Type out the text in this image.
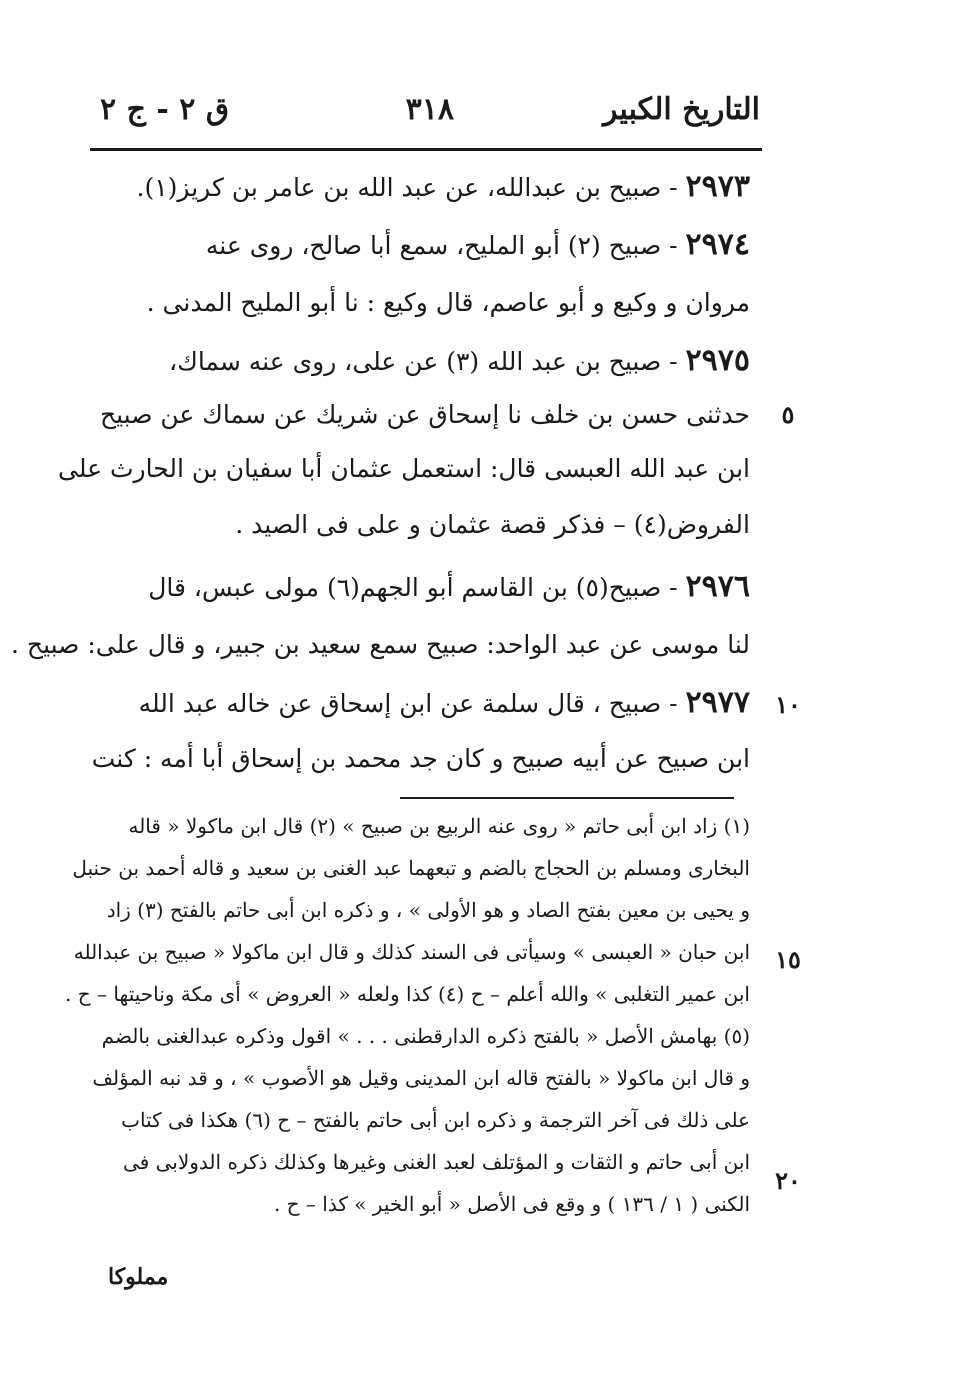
التاريخ الكبير
٣١٨
ق ٢ - ج ٢
٢٩٧٣ - صبيح بن عبدالله، عن عبد الله بن عامر بن كريز(١).
٢٩٧٤ - صبيح (٢) أبو المليح، سمع أبا صالح، روى عنه
مروان و وكيع و أبو عاصم، قال وكيع : نا أبو المليح المدنى .
٢٩٧٥ - صبيح بن عبد الله (٣) عن على، روى عنه سماك،
حدثنى حسن بن خلف نا إسحاق عن شريك عن سماك عن صبيح
ابن عبد الله العبسى قال: استعمل عثمان أبا سفيان بن الحارث على
الفروض(٤) – فذكر قصة عثمان و على فى الصيد .
٢٩٧٦ - صبيح(٥) بن القاسم أبو الجهم(٦) مولى عبس، قال
لنا موسى عن عبد الواحد: صبيح سمع سعيد بن جبير، و قال على: صبيح .
٢٩٧٧ - صبيح ، قال سلمة عن ابن إسحاق عن خاله عبد الله
ابن صبيح عن أبيه صبيح و كان جد محمد بن إسحاق أبا أمه : كنت
٥
١٠
(١) زاد ابن أبى حاتم « روى عنه الربيع بن صبيح » (٢) قال ابن ماكولا « قاله
البخارى ومسلم بن الحجاج بالضم و تبعهما عبد الغنى بن سعيد و قاله أحمد بن حنبل
و يحيى بن معين بفتح الصاد و هو الأولى » ، و ذكره ابن أبى حاتم بالفتح (٣) زاد
ابن حبان « العبسى » وسيأتى فى السند كذلك و قال ابن ماكولا « صبيح بن عبدالله
ابن عمير التغلبى » والله أعلم – ح (٤) كذا ولعله « العروض » أى مكة وناحيتها – ح .
(٥) بهامش الأصل « بالفتح ذكره الدارقطنى . . . » اقول وذكره عبدالغنى بالضم
و قال ابن ماكولا « بالفتح قاله ابن المدينى وقيل هو الأصوب » ، و قد نبه المؤلف
على ذلك فى آخر الترجمة و ذكره ابن أبى حاتم بالفتح – ح (٦) هكذا فى كتاب
ابن أبى حاتم و الثقات و المؤتلف لعبد الغنى وغيرها وكذلك ذكره الدولابى فى
الكنى ( ١ / ١٣٦ ) و وقع فى الأصل « أبو الخير » كذا – ح .
١٥
٢٠
مملوكا
